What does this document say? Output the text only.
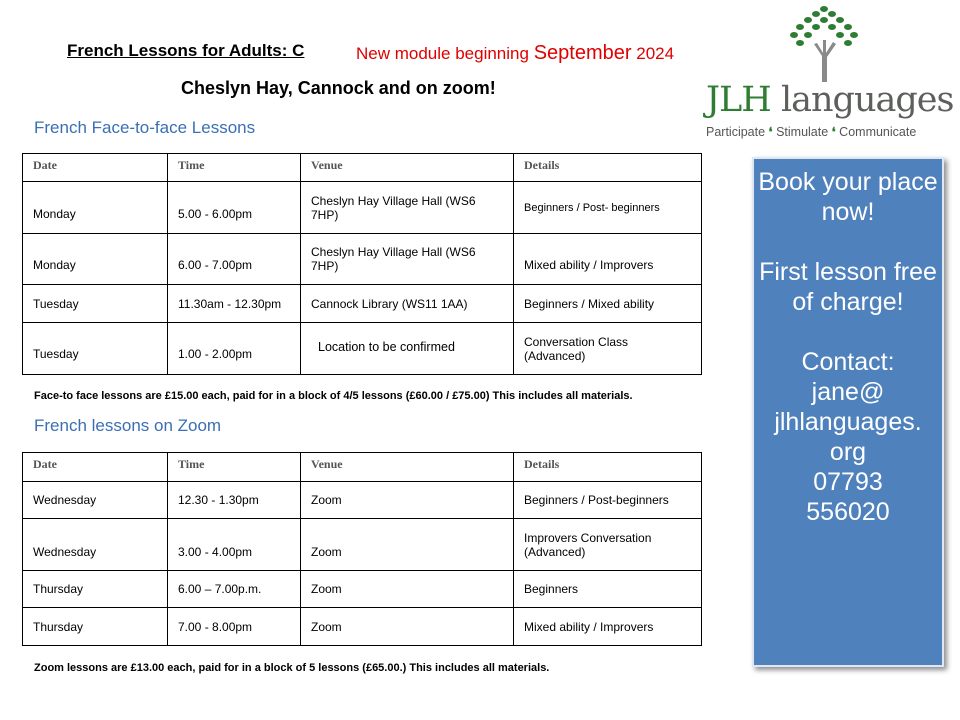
French Lessons for Adults: C	New module beginning September 2024
Cheslyn Hay, Cannock and on zoom!
French Face-to-face Lessons
Date	Time	Venue	Details
Monday	5.00 - 6.00pm	Cheslyn Hay Village Hall (WS6 7HP)	Beginners / Post- beginners
Monday	6.00 - 7.00pm	Cheslyn Hay Village Hall (WS6 7HP)	Mixed ability / Improvers
Tuesday	11.30am - 12.30pm	Cannock Library (WS11 1AA)	Beginners / Mixed ability
Tuesday	1.00 - 2.00pm	Location to be confirmed	Conversation Class (Advanced)
Face-to face lessons are £15.00 each, paid for in a block of 4/5 lessons (£60.00 / £75.00) This includes all materials.
French lessons on Zoom
Date	Time	Venue	Details
Wednesday	12.30 - 1.30pm	Zoom	Beginners / Post-beginners
Wednesday	3.00 - 4.00pm	Zoom	Improvers Conversation (Advanced)
Thursday	6.00 – 7.00p.m.	Zoom	Beginners
Thursday	7.00 - 8.00pm	Zoom	Mixed ability / Improvers
Zoom lessons are £13.00 each, paid for in a block of 5 lessons (£65.00.) This includes all materials.
JLH languages
Participate ❛ Stimulate ❛ Communicate

Book your place now!

First lesson free of charge!

Contact:

jane@
jlhlanguages.
org

07793
556020
